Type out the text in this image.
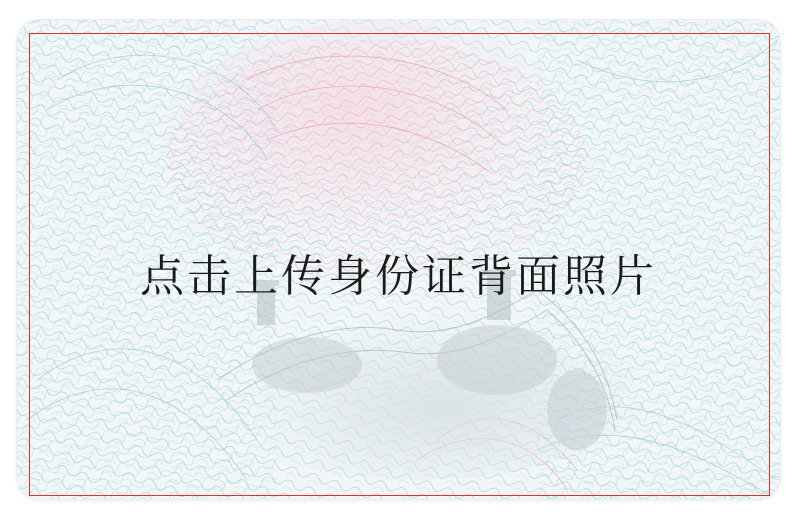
点击上传身份证背面照片
